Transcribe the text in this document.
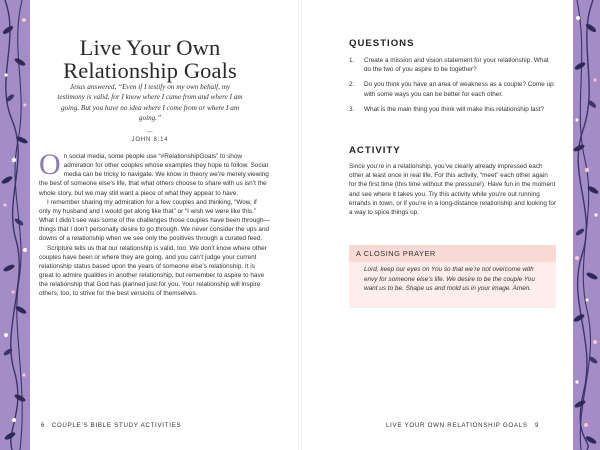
Live Your Own Relationship Goals

Jesus answered, “Even if I testify on my own behalf, my testimony is valid, for I know where I came from and where I am going. But you have no idea where I come from or where I am going.”

~
JOHN 8:14

On social media, some people use “#RelationshipGoals” to show admiration for other couples whose examples they hope to follow. Social media can be tricky to navigate. We know in theory we’re merely viewing the best of someone else’s life, that what others choose to share with us isn’t the whole story, but we may still want a piece of what they appear to have.

I remember sharing my admiration for a few couples and thinking, “Wow, if only my husband and I would get along like that” or “I wish we were like this.” What I didn’t see was some of the challenges those couples have been through—things that I don’t personally desire to go through. We never consider the ups and downs of a relationship when we see only the positives through a curated feed.

Scripture tells us that our relationship is valid, too. We don’t know where other couples have been or where they are going, and you can’t judge your current relationship status based upon the years of someone else’s relationship. It is great to admire qualities in another relationship, but remember to aspire to have the relationship that God has planned just for you. Your relationship will inspire others, too, to strive for the best versions of themselves.

6 COUPLE’S BIBLE STUDY ACTIVITIES
QUESTIONS
1. Create a mission and vision statement for your relationship. What do the two of you aspire to be together?
2. Do you think you have an area of weakness as a couple? Come up with some ways you can be better for each other.
3. What is the main thing you think will make this relationship last?
ACTIVITY

Since you’re in a relationship, you’ve clearly already impressed each other at least once in real life. For this activity, “meet” each other again for the first time (this time without the pressure!). Have fun in the moment and see where it takes you. Try this activity while you’re out running errands in town, or if you’re in a long-distance relationship and looking for a way to spice things up.

A CLOSING PRAYER
Lord, keep our eyes on You so that we’re not overcome with envy for someone else’s life. We desire to be the couple You want us to be. Shape us and mold us in your image. Amen.
LIVE YOUR OWN RELATIONSHIP GOALS 9
